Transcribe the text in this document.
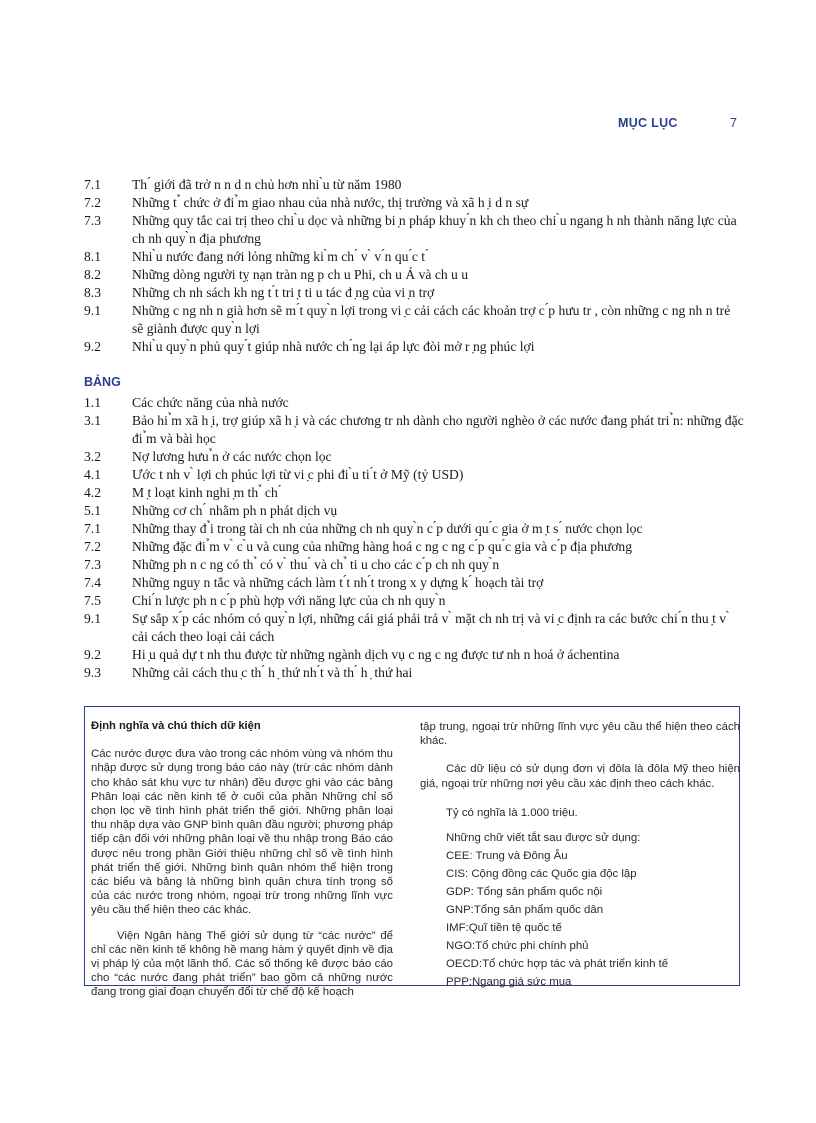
MỤC LỤC	7
7.1	Th ́ giới đã trở n n d n chủ hơn nhi ̀u từ năm 1980
7.2	Những t ̉ chức ở đi ̉m giao nhau của nhà nước, thị trường và xã h ̣i d n sự
7.3	Những quy tắc cai trị theo chi ̀u dọc và những bi ̣n pháp khuy ́n kh ch theo chi ̀u ngang h nh thành năng lực của ch nh quy ̀n địa phương
8.1	Nhi ̀u nước đang nới lỏng những ki ̀m ch ́ v ̀ v ́n qu ́c t ́
8.2	Những dòng người tỵ nạn tràn ng p ch u Phi, ch u Á và ch u u
8.3	Những ch nh sách kh ng t ́t tri ̣t ti u tác đ ̣ng của vi ̣n trợ
9.1	Những c ng nh n già hơn sẽ m ́t quy ̀n lợi trong vi ̣c cải cách các khoản trợ c ́p hưu tr , còn những c ng nh n trẻ sẽ giành được quy ̀n lợi
9.2	Nhi ̀u quy ̀n phủ quy ́t giúp nhà nước ch ́ng lại áp lực đòi mở r ̣ng phúc lợi
BẢNG
1.1	Các chức năng của nhà nước
3.1	Bảo hi ̉m xã h ̣i, trợ giúp xã h ̣i và các chương tr nh dành cho người nghèo ở các nước đang phát tri ̉n: những đặc đi ̉m và bài học
3.2	Nợ lương hưu ̉n ở các nước chọn lọc
4.1	Ước t nh v ̀ lợi ch phúc lợi từ vi ̣c phi đi ̀u ti ́t ở Mỹ (tỷ USD)
4.2	M ̣t loạt kinh nghi ̣m th ̉ ch ́
5.1	Những cơ ch ́ nhằm ph n phát dịch vụ
7.1	Những thay đ ̉i trong tài ch nh của những ch nh quy ̀n c ́p dưới qu ́c gia ở m ̣t s ́ nước chọn lọc
7.2	Những đặc đi ̉m v ̀ c ̀u và cung của những hàng hoá c ng c ng c ́p qu ́c gia và c ́p địa phương
7.3	Những ph n c ng có th ̉ có v ̀ thu ́ và ch ̉ ti u cho các c ́p ch nh quy ̀n
7.4	Những nguy n tắc và những cách làm t ́t nh ́t trong x y dựng k ́ hoạch tài trợ
7.5	Chi ́n lược ph n c ́p phù hợp với năng lực của ch nh quy ̀n
9.1	Sự sắp x ́p các nhóm có quy ̀n lợi, những cái giá phải trả v ̀ mặt ch nh trị và vi ̣c định ra các bước chi ́n thu ̣t v ̀ cải cách theo loại cải cách
9.2	Hi ̣u quả dự t nh thu được từ những ngành dịch vụ c ng c ng được tư nh n hoá ở áchentina
9.3	Những cải cách thu ̣c th ́ h ̣ thứ nh ́t và th ́ h ̣ thứ hai
Định nghĩa và chú thích dữ kiện

Các nước được đưa vào trong các nhóm vùng và nhóm thu nhập được sử dụng trong báo cáo này (trừ các nhóm dành cho khảo sát khu vực tư nhân) đều được ghi vào các bảng Phân loại các nền kinh tế ở cuối của phần Những chỉ số chọn lọc về tình hình phát triển thế giới. Những phân loại thu nhập dựa vào GNP bình quân đầu người; phương pháp tiếp cận đối với những phân loại về thu nhập trong Báo cáo được nêu trong phần Giới thiệu những chỉ số về tình hình phát triển thế giới. Những bình quân nhóm thể hiện trong các biểu và bảng là những bình quân chưa tính trọng số của các nước trong nhóm, ngoại trừ trong những lĩnh vực yêu cầu thể hiện theo các khác.

Viện Ngân hàng Thế giới sử dụng từ “các nước” để chỉ các nền kinh tế không hề mang hàm ý quyết định về địa vị pháp lý của một lãnh thổ. Các số thống kê được báo cáo cho “các nước đang phát triển” bao gồm cả những nước đang trong giai đoạn chuyển đổi từ chế độ kế hoạch

tập trung, ngoại trừ những lĩnh vực yêu cầu thể hiện theo cách khác.

Các dữ liệu có sử dụng đơn vị đôla là đôla Mỹ theo hiện giá, ngoại trừ những nơi yêu cầu xác định theo cách khác.

Tỷ có nghĩa là 1.000 triệu.

Những chữ viết tắt sau được sử dụng:
CEE: Trung và Đông Âu
CIS: Cộng đồng các Quốc gia độc lập
GDP: Tổng sản phẩm quốc nội
GNP:Tổng sản phẩm quốc dân
IMF:Quĩ tiền tệ quốc tế
NGO:Tổ chức phi chính phủ
OECD:Tổ chức hợp tác và phát triển kinh tế
PPP:Ngang giá sức mua
